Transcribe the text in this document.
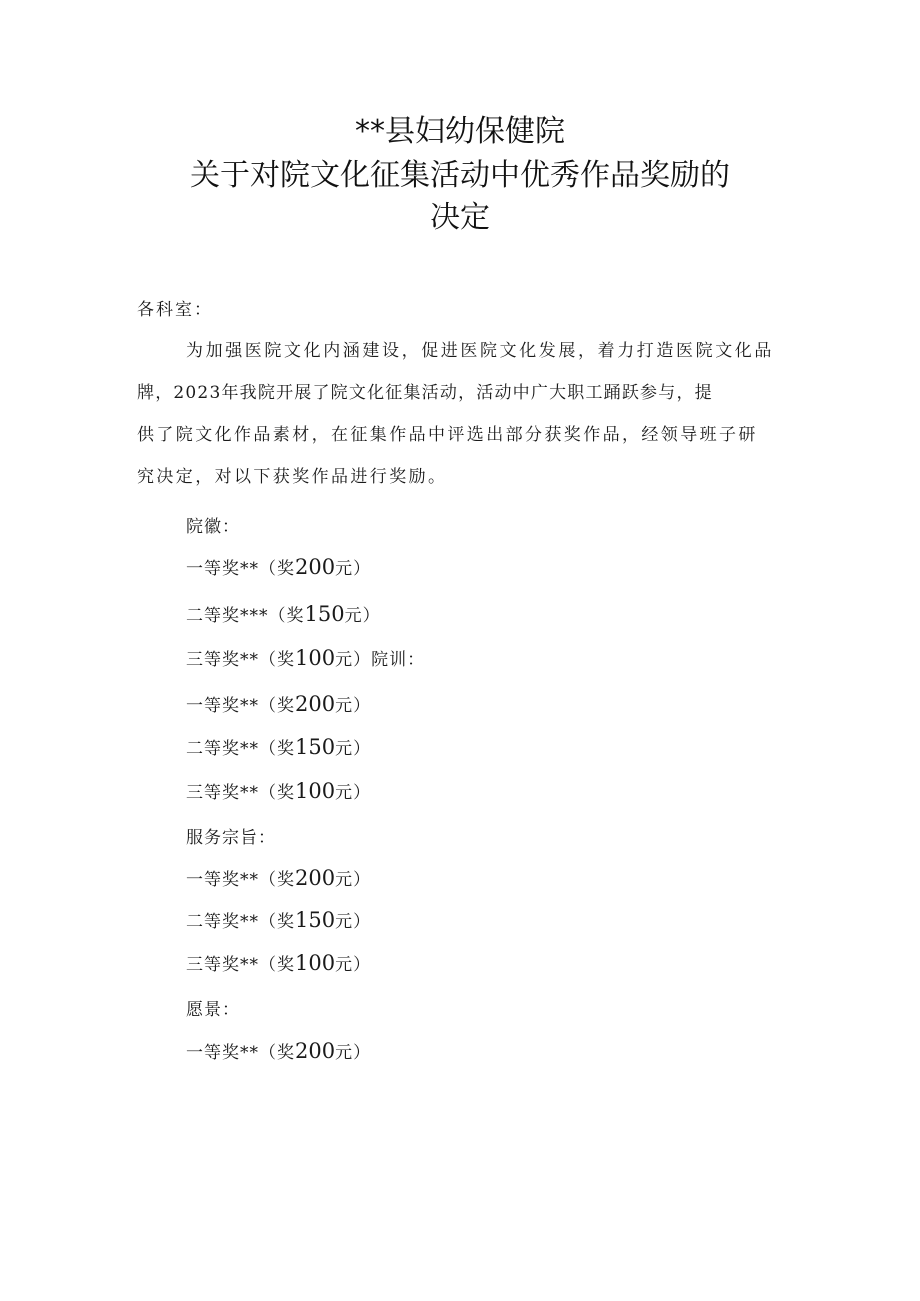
**县妇幼保健院
关于对院文化征集活动中优秀作品奖励的
决定
各科室：
为加强医院文化内涵建设，促进医院文化发展，着力打造医院文化品
牌，2023年我院开展了院文化征集活动，活动中广大职工踊跃参与，提
供了院文化作品素材，在征集作品中评选出部分获奖作品，经领导班子研
究决定，对以下获奖作品进行奖励。
院徽：
一等奖**（奖200元）
二等奖***（奖150元）
三等奖**（奖100元）院训：
一等奖**（奖200元）
二等奖**（奖150元）
三等奖**（奖100元）
服务宗旨：
一等奖**（奖200元）
二等奖**（奖150元）
三等奖**（奖100元）
愿景：
一等奖**（奖200元）
